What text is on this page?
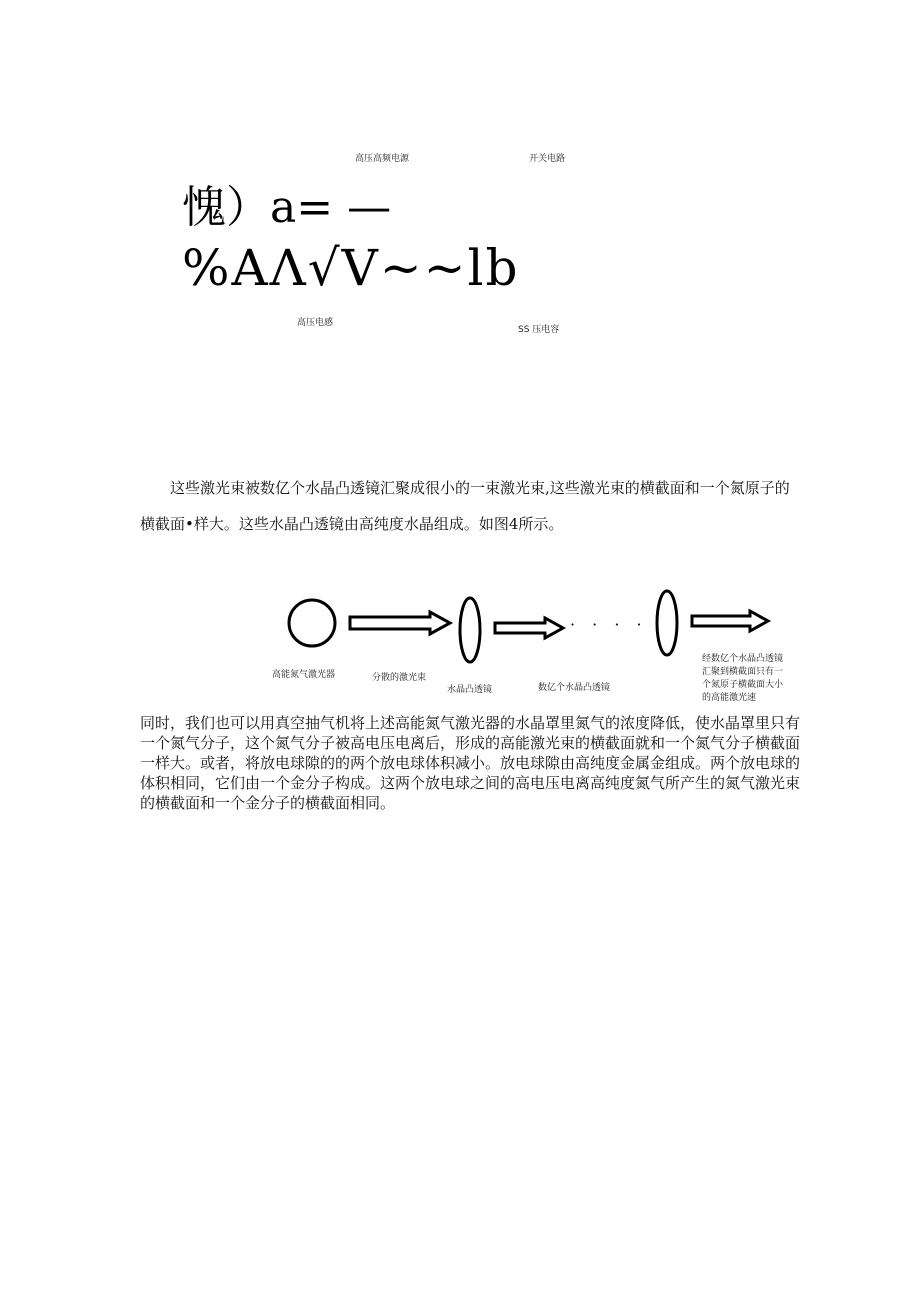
高压高频电源	开关电路
愧）a= —
%AΛ√V~~lb
高压电感
SS 压电容
这些激光束被数亿个水晶凸透镜汇聚成很小的一束激光束,这些激光束的横截面和一个氮原子的横截面•样大。这些水晶凸透镜由高纯度水晶组成。如图4所示。
· · · ·
高能氮气激光器	分散的激光束
水晶凸透镜	数亿个水晶凸透镜
经数亿个水晶凸透镜
汇聚到横截面只有一
个氮原子横截面大小
的高能激光速
同时，我们也可以用真空抽气机将上述高能氮气激光器的水晶罩里氮气的浓度降低，使水晶罩里只有一个氮气分子，这个氮气分子被高电压电离后，形成的高能激光束的横截面就和一个氮气分子横截面一样大。或者，将放电球隙的的两个放电球体积减小。放电球隙由高纯度金属金组成。两个放电球的体积相同，它们由一个金分子构成。这两个放电球之间的高电压电离高纯度氮气所产生的氮气激光束的横截面和一个金分子的横截面相同。
